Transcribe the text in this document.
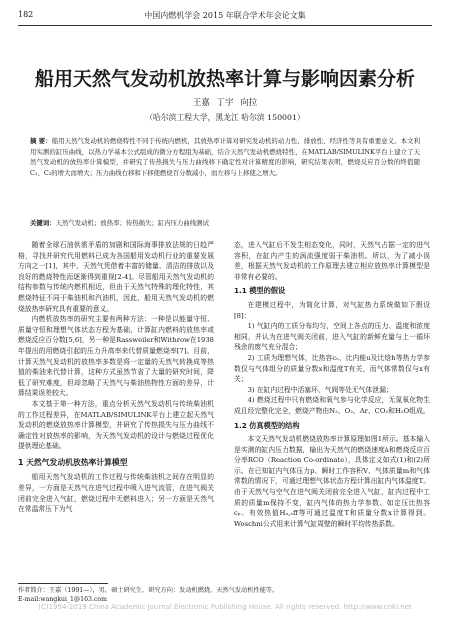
182	中国内燃机学会 2015 年联合学术年会论文集
船用天然气发动机放热率计算与影响因素分析
王嘉 丁宇 向拉
（哈尔滨工程大学，黑龙江 哈尔滨 150001）
摘 要：船用天然气发动机的燃烧特性不同于传统内燃机，其放热率计算对研究发动机的动力性、排放性、经济性等具有重要意义。本文利用实测的缸压曲线，以热力学基本公式组成的微分方程组为基础，结合天然气发动机燃烧特性，在MATLAB/SIMULINK平台上建立了天然气发动机的放热率计算模型，并研究了传热损失与压力曲线移下确定性对计算精度的影响，研究结果表明，燃烧反应百分数的终值随C₁、C₂的增大而增大；压力曲线右移和下移使燃烧百分数减小，而左移与上移使之增大。
关键词：天然气发动机；放热率；传热损失；缸内压力曲线测试

随着全球石油供需矛盾的加剧和国际海事排放法规的日趋严格，寻找并研究代用燃料已成为各国船用发动机行业的重要发展方向之一[1]，其中，天然气凭借着丰富的储量、清洁的排放以及良好的燃烧特性而逐渐得到重视[2-4]。尽管船用天然气发动机的结构参数与传统内燃机相近，但由于天然气特殊的理化特性，其燃烧特征不同于柴油机和汽油机，因此，船用天然气发动机的燃烧放热率研究具有重要的意义。

内燃机放热率的研究主要有两种方法：一种是以能量守恒、质量守恒和理想气体状态方程为基础，计算缸内燃料的放热率或燃烧反应百分数[5,6]，另一种是Rassweiler和Withrow在1938年提出的用燃烧引起的压力升高率来代替质量燃烧率[7]。目前，计算天然气发动机的放热率多数是将一定量的天然气转换成等热值的柴油来代替计算，这种方式虽然节省了大量的研究时间，降低了研究难度，但却忽略了天然气与柴油热物性方面的差异，计算结果误差较大。

本文基于第一种方法，重点分析天然气发动机与传统柴油机的工作过程差异，在MATLAB/SIMULINK平台上建立起天然气发动机的燃烧放热率计算模型，并研究了传热损失与压力曲线不确定性对放热率的影响，为天然气发动机的设计与燃烧过程优化提供理论基础。

1 天然气发动机放热率计算模型

船用天然气发动机的工作过程与传统柴油机之间存在明显的差异，一方面是天然气在进气过程中喷入进气流管，在进气阀关闭前完全进入气缸，燃烧过程中无燃料进入；另一方面是天然气在常温常压下为气

态，进入气缸后不发生相态变化，同时，天然气占据一定的进气容积，在缸内产生的涡流强度弱于柴油机。所以，为了减小误差，根据天然气发动机的工作原理去建立相应放热率计算模型是非常有必要的。

1.1 模型的假设

在建模过程中，为简化计算，对气缸热力系统做如下假设[8]：

1) 气缸内的工质分布均匀，空间上各点的压力、温度和浓度相同，并认为在进气阀关闭前，进入气缸的新鲜充量与上一循环残余的废气充分混合；

2) 工质为理想气体，比热容cᵥ、比内能u及比焓h等热力学参数仅与气体组分的质量分数x和温度T有关，而气体常数仅与x有关；

3) 在缸内过程中活塞环、气阀等处无气体泄漏；

4) 燃烧过程中只有燃烧和氧气参与化学反应，无氮氧化物生成且经完整化完全，燃烧产物由N₂、O₂、Ar、CO₂和H₂O组成。

1.2 仿真模型的结构

本文天然气发动机燃烧放热率计算原理如图1所示。基本输入是实测的缸内压力数据，输出为天然气的燃烧速度ȧ和燃烧反应百分率RCO（Reaction Co-ordinate），具体定义如式(1)和(2)所示。在已知缸内气体压力p、瞬时工作容积V、气体质量m和气体常数的情况下，可通过理想气体状态方程计算出缸内气体温度T。由于天然气与空气在进气阀关闭前完全进入气缸，缸内过程中工质的质量m保持不变，缸内气体的热力学参数、如定压比热容cₚ、有效热值Hᵤ,ₑff等可通过温度T和质量分数x计算得到。Woschni公式用来计算气缸周壁的瞬时平均传热系数。

作者简介：王嘉（1991—），男，硕士研究生，研究方向：发动机燃烧、天然气发动机性能等。
E-mail:wangkui_1@163.com
(C)1994-2019 China Academic Journal Electronic Publishing House. All rights reserved. http://www.cnki.net
